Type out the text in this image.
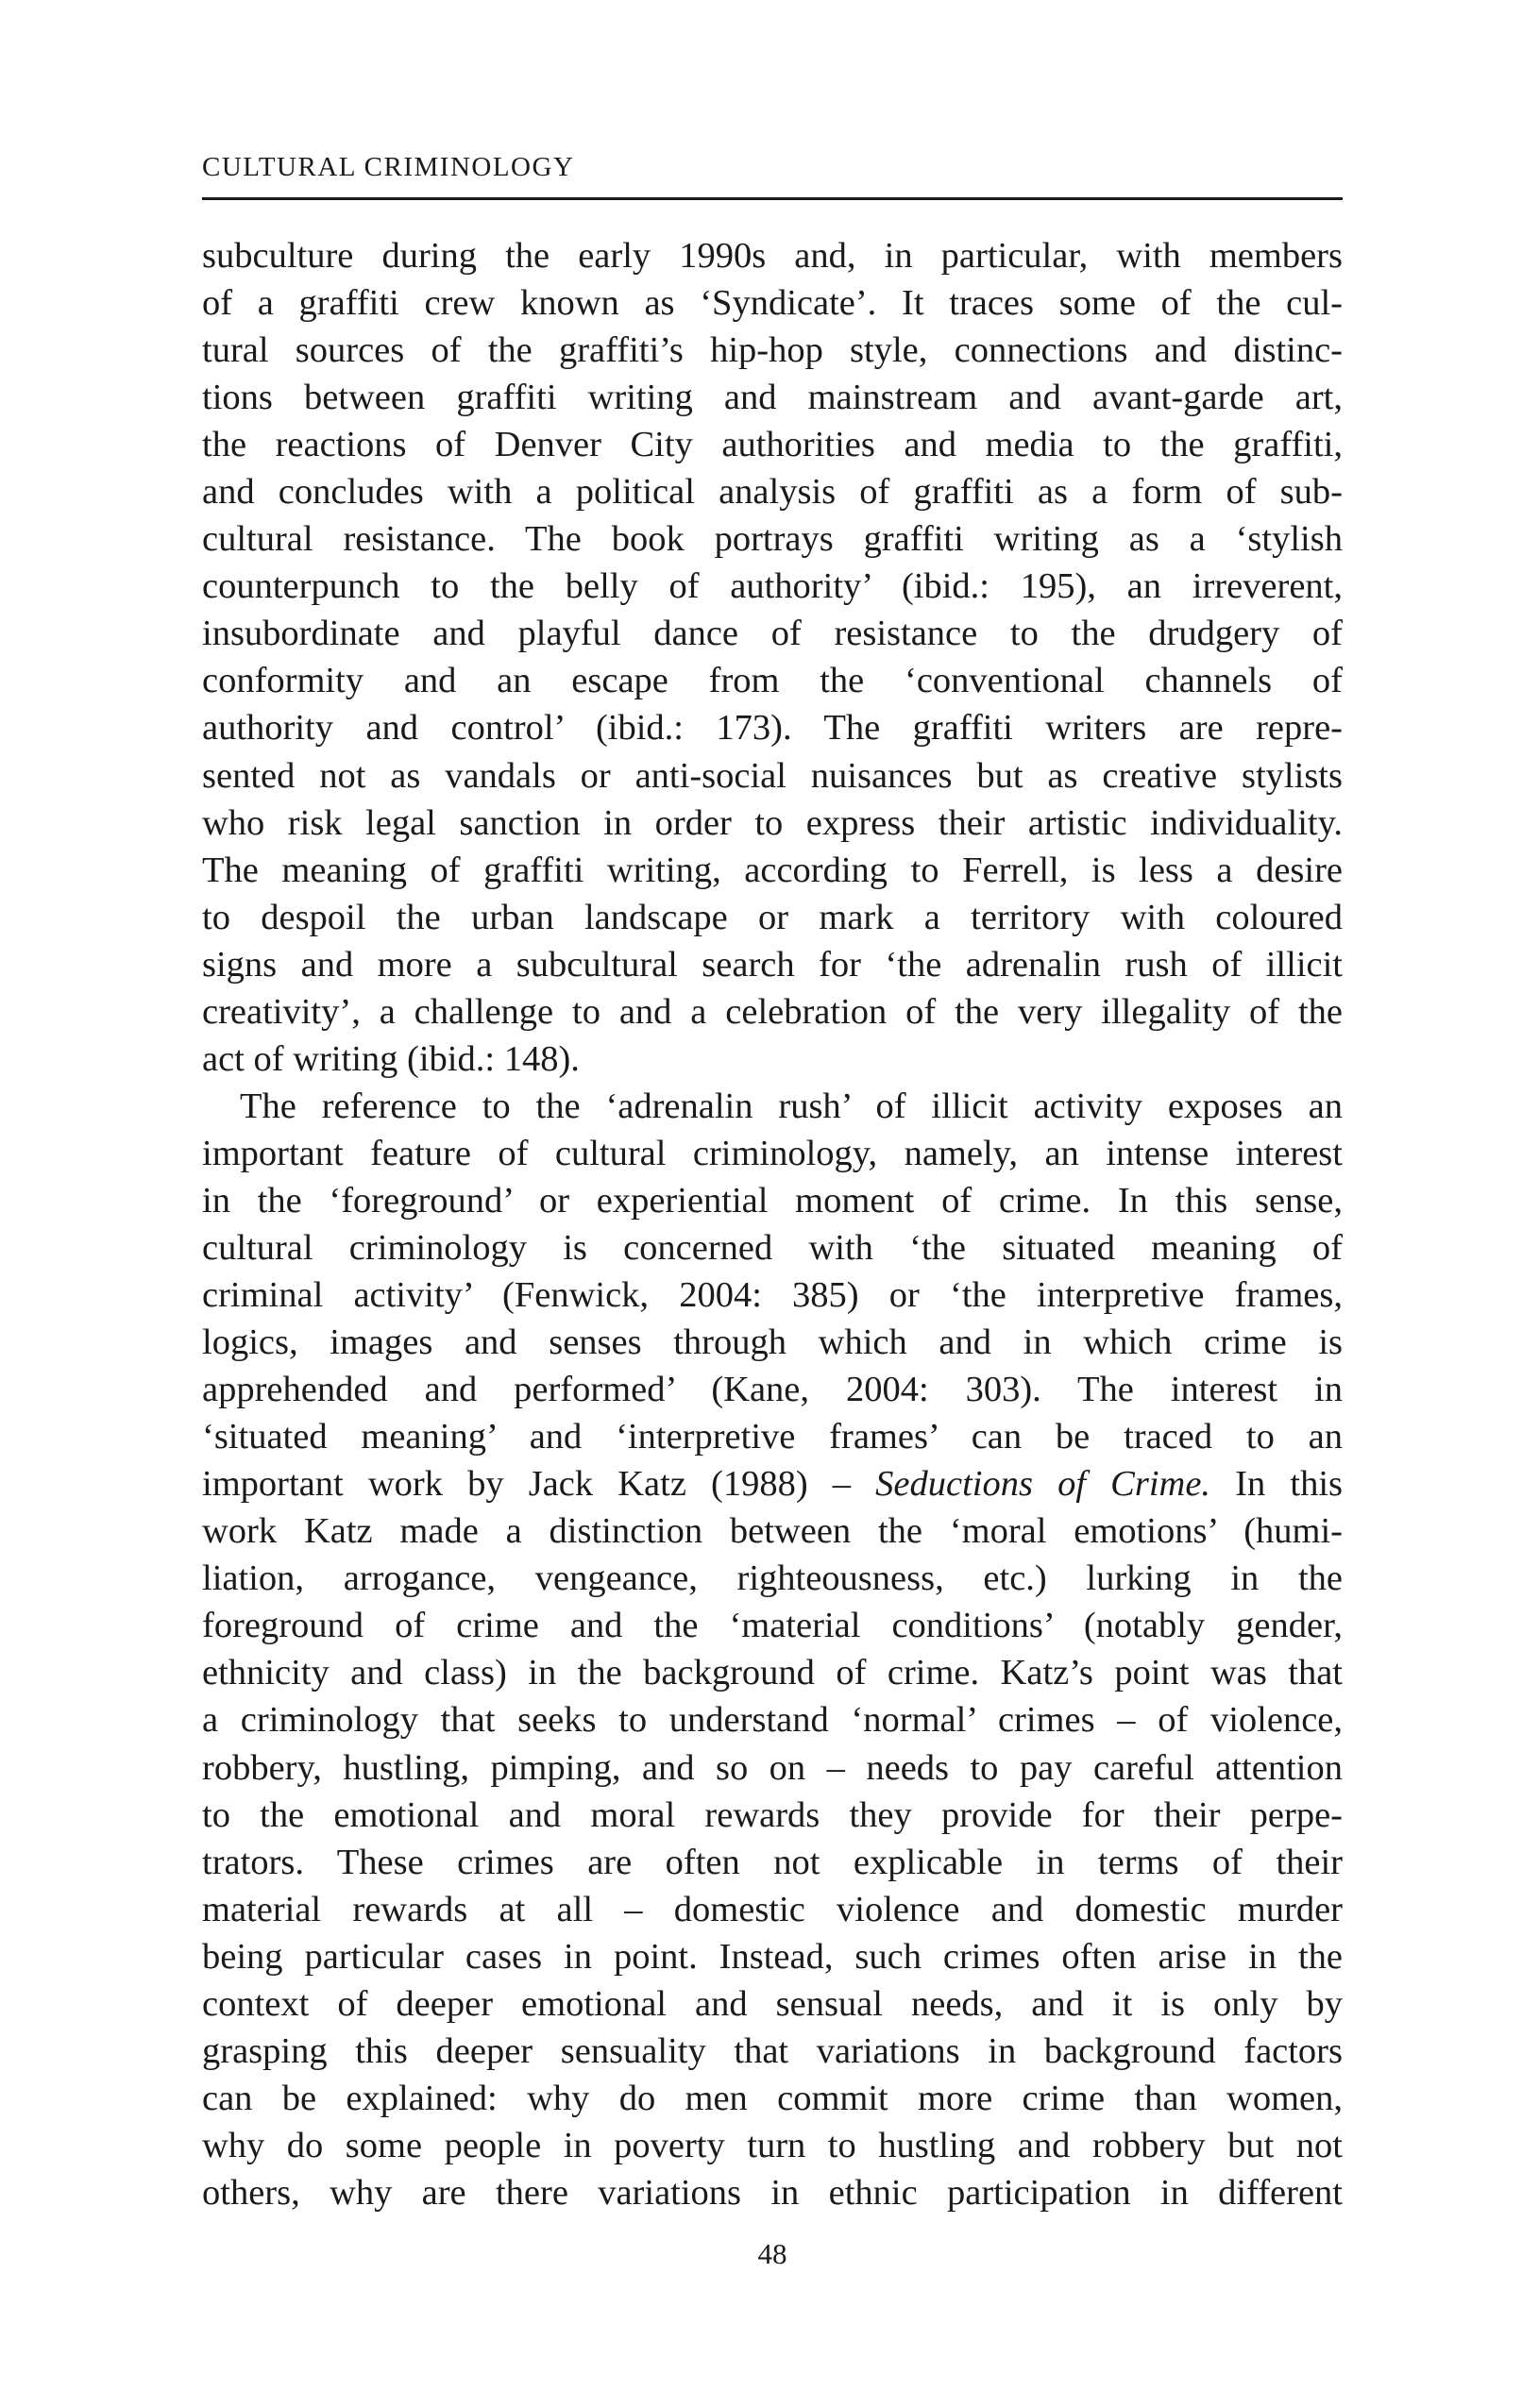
CULTURAL CRIMINOLOGY
subculture during the early 1990s and, in particular, with members
of a graffiti crew known as ‘Syndicate’. It traces some of the cul-
tural sources of the graffiti’s hip-hop style, connections and distinc-
tions between graffiti writing and mainstream and avant-garde art,
the reactions of Denver City authorities and media to the graffiti,
and concludes with a political analysis of graffiti as a form of sub-
cultural resistance. The book portrays graffiti writing as a ‘stylish
counterpunch to the belly of authority’ (ibid.: 195), an irreverent,
insubordinate and playful dance of resistance to the drudgery of
conformity and an escape from the ‘conventional channels of
authority and control’ (ibid.: 173). The graffiti writers are repre-
sented not as vandals or anti-social nuisances but as creative stylists
who risk legal sanction in order to express their artistic individuality.
The meaning of graffiti writing, according to Ferrell, is less a desire
to despoil the urban landscape or mark a territory with coloured
signs and more a subcultural search for ‘the adrenalin rush of illicit
creativity’, a challenge to and a celebration of the very illegality of the
act of writing (ibid.: 148).
The reference to the ‘adrenalin rush’ of illicit activity exposes an
important feature of cultural criminology, namely, an intense interest
in the ‘foreground’ or experiential moment of crime. In this sense,
cultural criminology is concerned with ‘the situated meaning of
criminal activity’ (Fenwick, 2004: 385) or ‘the interpretive frames,
logics, images and senses through which and in which crime is
apprehended and performed’ (Kane, 2004: 303). The interest in
‘situated meaning’ and ‘interpretive frames’ can be traced to an
important work by Jack Katz (1988) – Seductions of Crime. In this
work Katz made a distinction between the ‘moral emotions’ (humi-
liation, arrogance, vengeance, righteousness, etc.) lurking in the
foreground of crime and the ‘material conditions’ (notably gender,
ethnicity and class) in the background of crime. Katz’s point was that
a criminology that seeks to understand ‘normal’ crimes – of violence,
robbery, hustling, pimping, and so on – needs to pay careful attention
to the emotional and moral rewards they provide for their perpe-
trators. These crimes are often not explicable in terms of their
material rewards at all – domestic violence and domestic murder
being particular cases in point. Instead, such crimes often arise in the
context of deeper emotional and sensual needs, and it is only by
grasping this deeper sensuality that variations in background factors
can be explained: why do men commit more crime than women,
why do some people in poverty turn to hustling and robbery but not
others, why are there variations in ethnic participation in different
48
